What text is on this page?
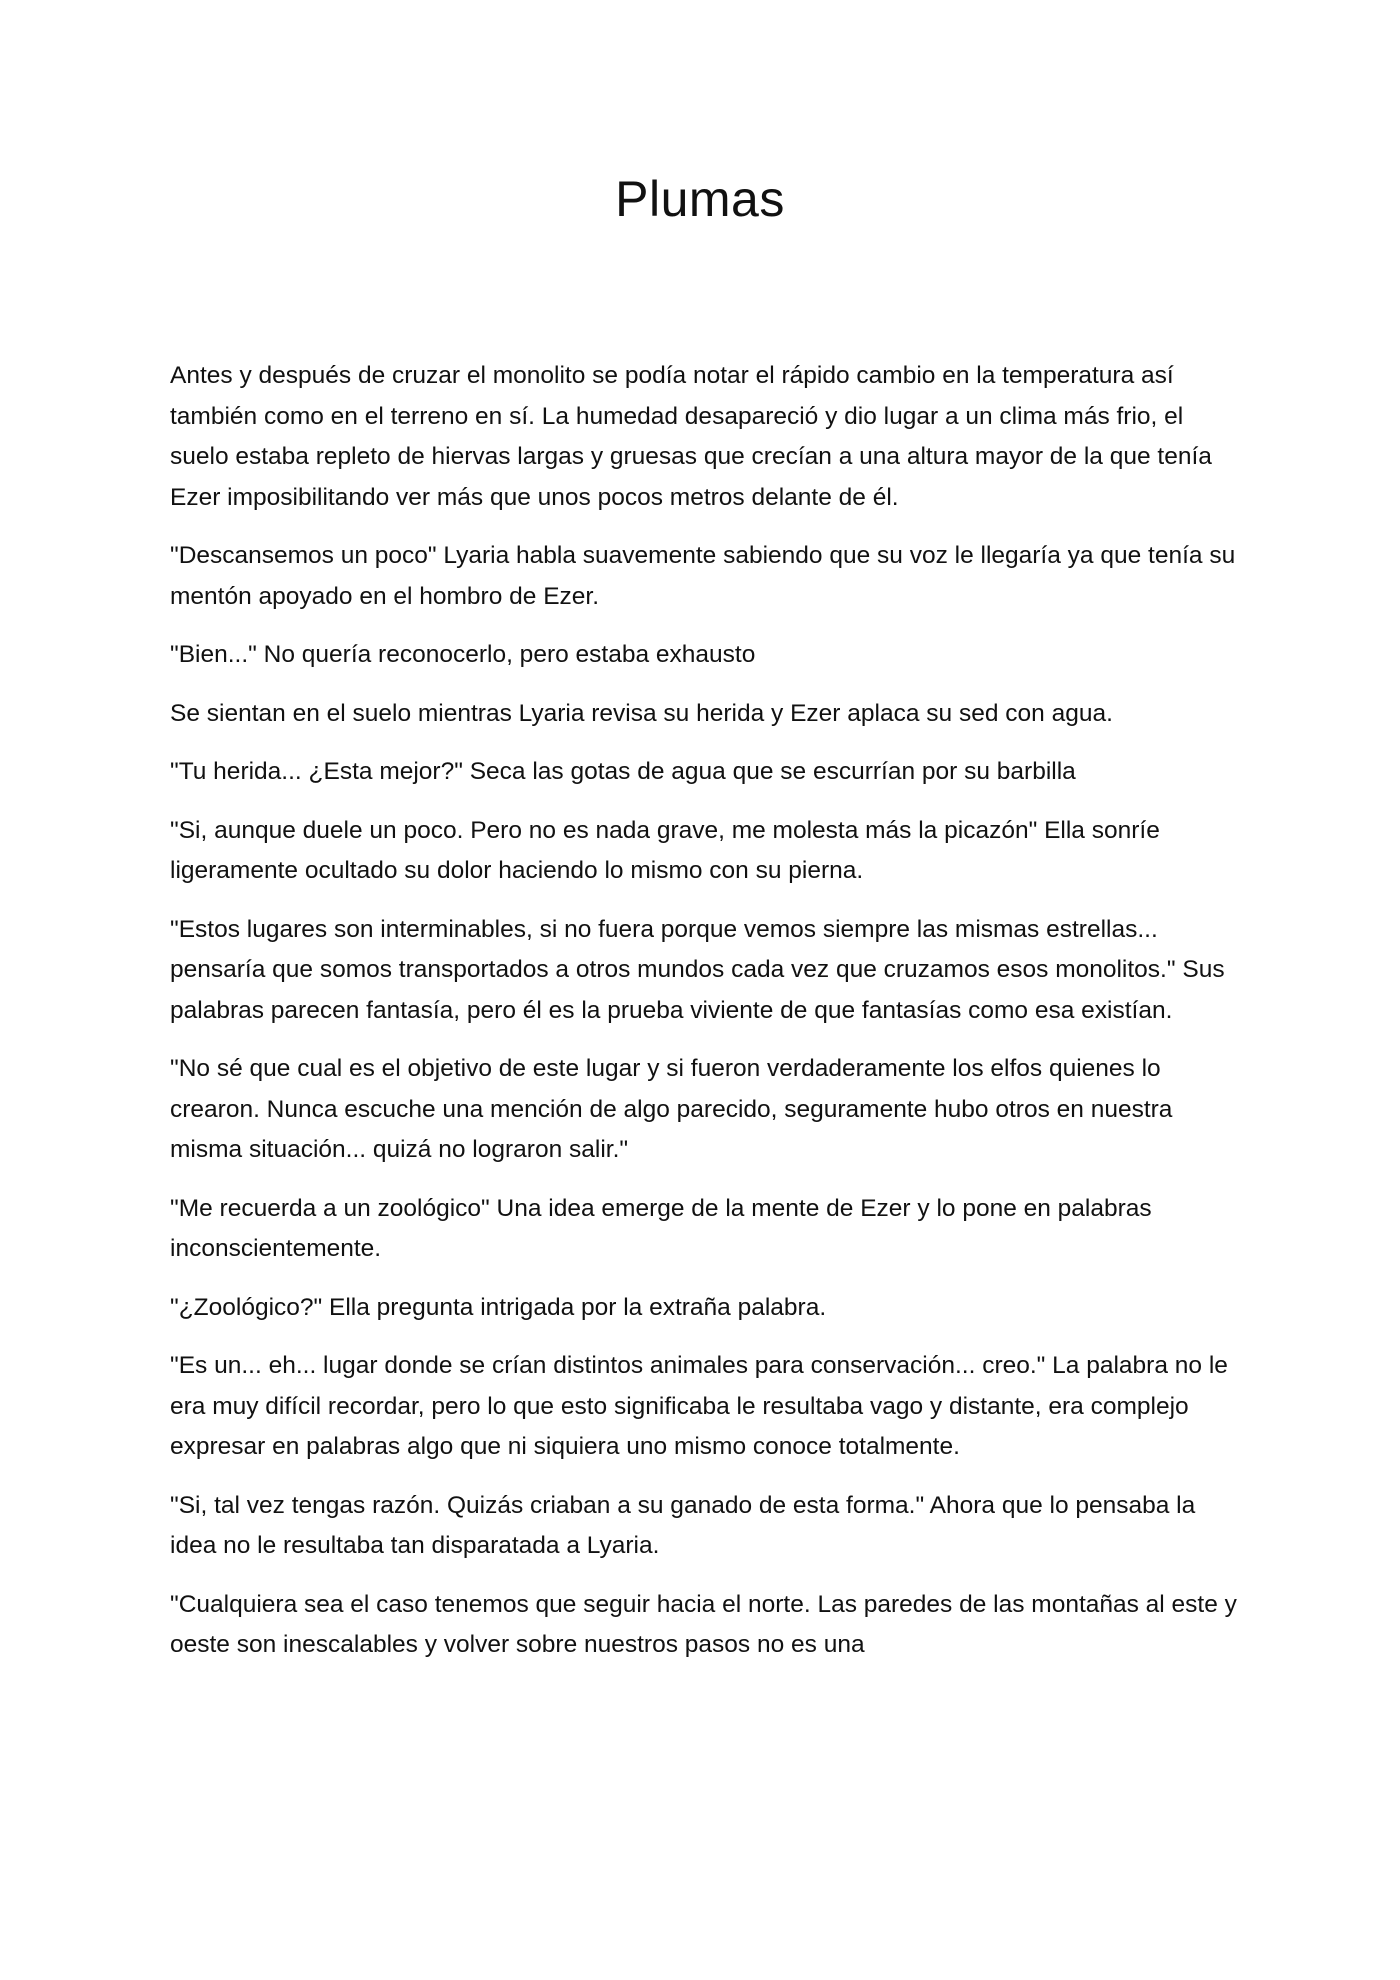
Plumas

Antes y después de cruzar el monolito se podía notar el rápido cambio en la temperatura así también como en el terreno en sí. La humedad desapareció y dio lugar a un clima más frio, el suelo estaba repleto de hiervas largas y gruesas que crecían a una altura mayor de la que tenía Ezer imposibilitando ver más que unos pocos metros delante de él.

"Descansemos un poco" Lyaria habla suavemente sabiendo que su voz le llegaría ya que tenía su mentón apoyado en el hombro de Ezer.

"Bien..." No quería reconocerlo, pero estaba exhausto

Se sientan en el suelo mientras Lyaria revisa su herida y Ezer aplaca su sed con agua.

"Tu herida... ¿Esta mejor?" Seca las gotas de agua que se escurrían por su barbilla

"Si, aunque duele un poco. Pero no es nada grave, me molesta más la picazón" Ella sonríe ligeramente ocultado su dolor haciendo lo mismo con su pierna.

"Estos lugares son interminables, si no fuera porque vemos siempre las mismas estrellas... pensaría que somos transportados a otros mundos cada vez que cruzamos esos monolitos." Sus palabras parecen fantasía, pero él es la prueba viviente de que fantasías como esa existían.

"No sé que cual es el objetivo de este lugar y si fueron verdaderamente los elfos quienes lo crearon. Nunca escuche una mención de algo parecido, seguramente hubo otros en nuestra misma situación... quizá no lograron salir."

"Me recuerda a un zoológico" Una idea emerge de la mente de Ezer y lo pone en palabras inconscientemente.

"¿Zoológico?" Ella pregunta intrigada por la extraña palabra.

"Es un... eh... lugar donde se crían distintos animales para conservación... creo." La palabra no le era muy difícil recordar, pero lo que esto significaba le resultaba vago y distante, era complejo expresar en palabras algo que ni siquiera uno mismo conoce totalmente.

"Si, tal vez tengas razón. Quizás criaban a su ganado de esta forma." Ahora que lo pensaba la idea no le resultaba tan disparatada a Lyaria.

"Cualquiera sea el caso tenemos que seguir hacia el norte. Las paredes de las montañas al este y oeste son inescalables y volver sobre nuestros pasos no es una
